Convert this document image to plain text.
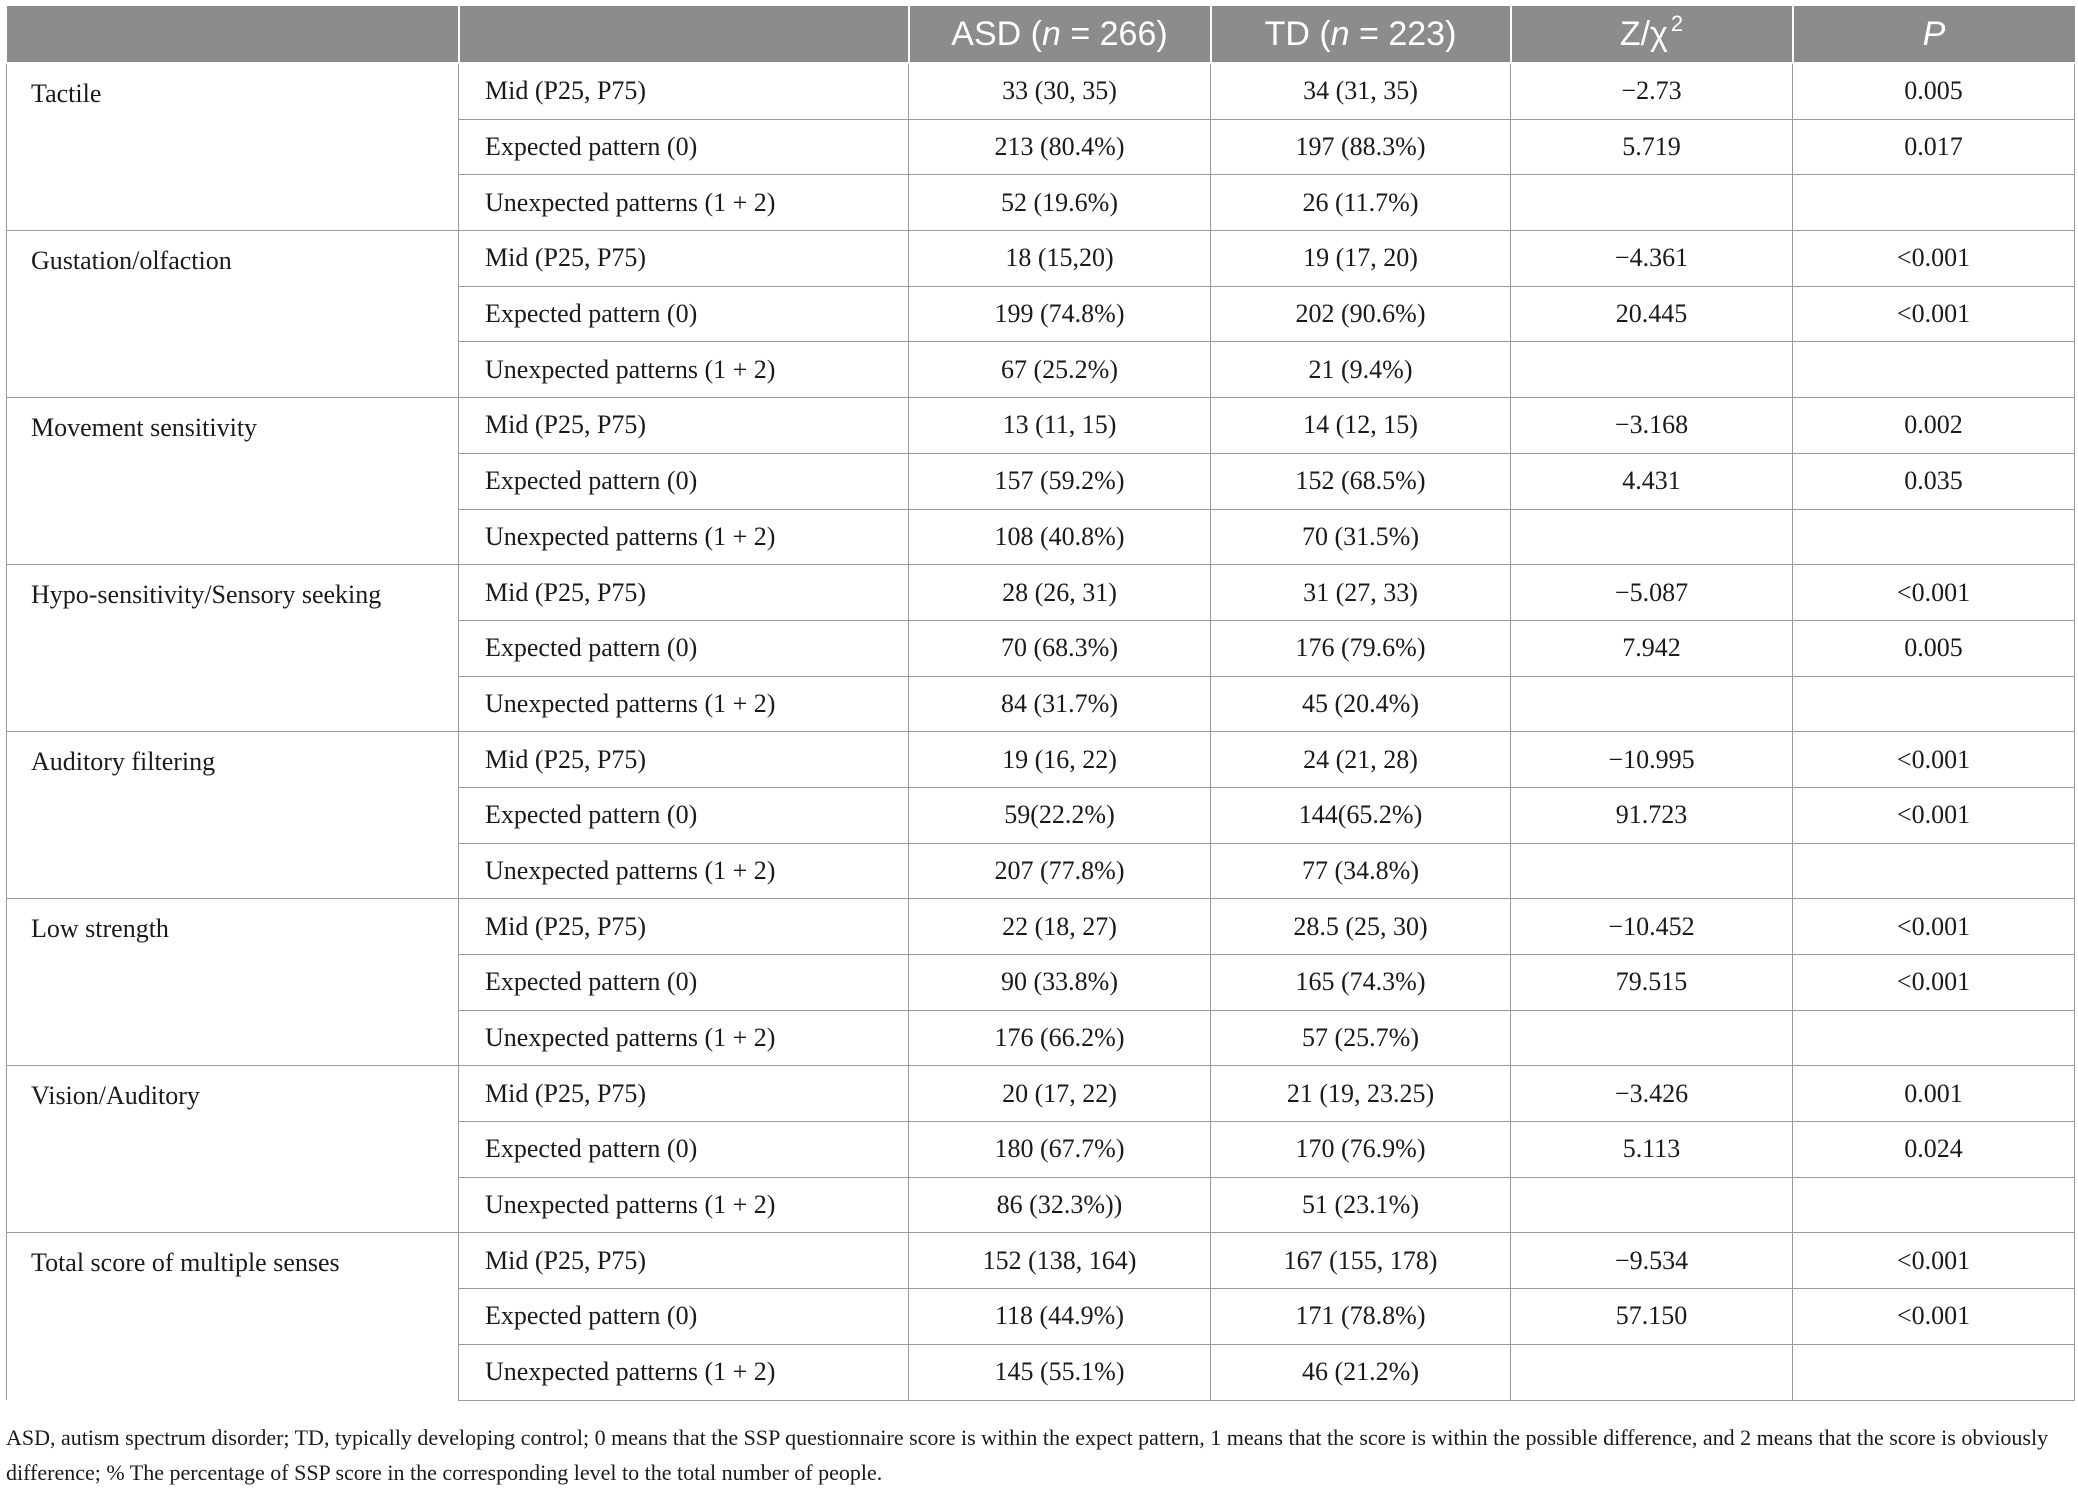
		ASD (n = 266)	TD (n = 223)	Z/χ 2	P
Tactile	Mid (P25, P75)	33 (30, 35)	34 (31, 35)	−2.73	0.005
	Expected pattern (0)	213 (80.4%)	197 (88.3%)	5.719	0.017
	Unexpected patterns (1 + 2)	52 (19.6%)	26 (11.7%)		
Gustation/olfaction	Mid (P25, P75)	18 (15,20)	19 (17, 20)	−4.361	<0.001
	Expected pattern (0)	199 (74.8%)	202 (90.6%)	20.445	<0.001
	Unexpected patterns (1 + 2)	67 (25.2%)	21 (9.4%)		
Movement sensitivity	Mid (P25, P75)	13 (11, 15)	14 (12, 15)	−3.168	0.002
	Expected pattern (0)	157 (59.2%)	152 (68.5%)	4.431	0.035
	Unexpected patterns (1 + 2)	108 (40.8%)	70 (31.5%)		
Hypo-sensitivity/Sensory seeking	Mid (P25, P75)	28 (26, 31)	31 (27, 33)	−5.087	<0.001
	Expected pattern (0)	70 (68.3%)	176 (79.6%)	7.942	0.005
	Unexpected patterns (1 + 2)	84 (31.7%)	45 (20.4%)		
Auditory filtering	Mid (P25, P75)	19 (16, 22)	24 (21, 28)	−10.995	<0.001
	Expected pattern (0)	59(22.2%)	144(65.2%)	91.723	<0.001
	Unexpected patterns (1 + 2)	207 (77.8%)	77 (34.8%)		
Low strength	Mid (P25, P75)	22 (18, 27)	28.5 (25, 30)	−10.452	<0.001
	Expected pattern (0)	90 (33.8%)	165 (74.3%)	79.515	<0.001
	Unexpected patterns (1 + 2)	176 (66.2%)	57 (25.7%)		
Vision/Auditory	Mid (P25, P75)	20 (17, 22)	21 (19, 23.25)	−3.426	0.001
	Expected pattern (0)	180 (67.7%)	170 (76.9%)	5.113	0.024
	Unexpected patterns (1 + 2)	86 (32.3%))	51 (23.1%)		
Total score of multiple senses	Mid (P25, P75)	152 (138, 164)	167 (155, 178)	−9.534	<0.001
	Expected pattern (0)	118 (44.9%)	171 (78.8%)	57.150	<0.001
	Unexpected patterns (1 + 2)	145 (55.1%)	46 (21.2%)		
ASD, autism spectrum disorder; TD, typically developing control; 0 means that the SSP questionnaire score is within the expect pattern, 1 means that the score is within the possible difference, and 2 means that the score is obviously difference; % The percentage of SSP score in the corresponding level to the total number of people.
